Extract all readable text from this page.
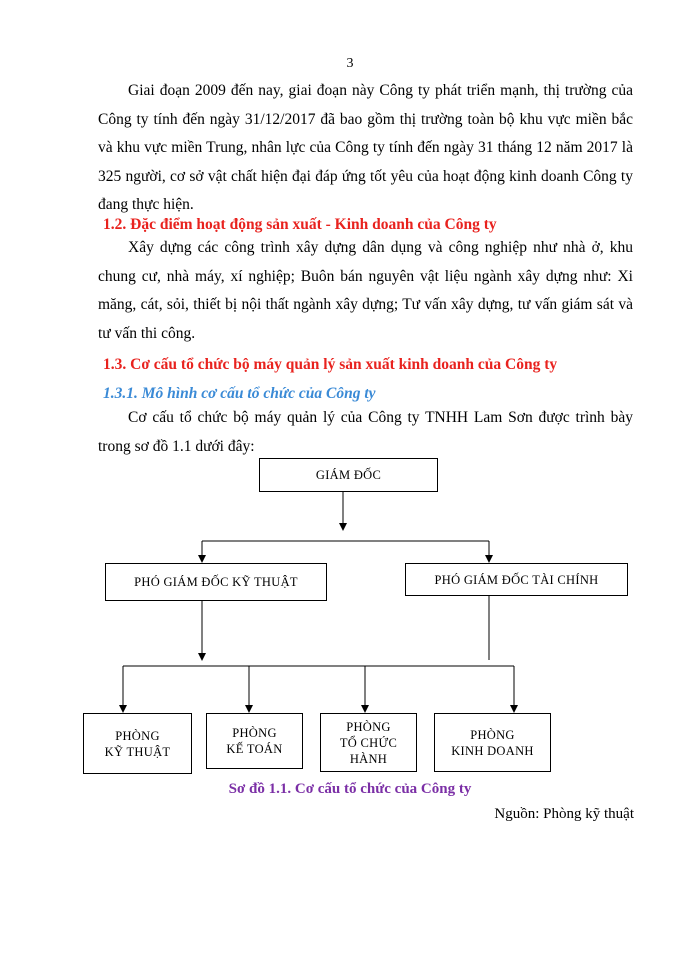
3

Giai đoạn 2009 đến nay, giai đoạn này Công ty phát triển mạnh, thị trường của Công ty tính đến ngày 31/12/2017 đã bao gồm thị trường toàn bộ khu vực miền bắc và khu vực miền Trung, nhân lực của Công ty tính đến ngày 31 tháng 12 năm 2017 là 325 người, cơ sở vật chất hiện đại đáp ứng tốt yêu của hoạt động kinh doanh Công ty đang thực hiện.

1.2. Đặc điểm hoạt động sản xuất - Kinh doanh của Công ty

Xây dựng các công trình xây dựng dân dụng và công nghiệp như nhà ở, khu chung cư, nhà máy, xí nghiệp; Buôn bán nguyên vật liệu ngành xây dựng như: Xi măng, cát, sỏi, thiết bị nội thất ngành xây dựng; Tư vấn xây dựng, tư vấn giám sát và tư vấn thi công.

1.3. Cơ cấu tổ chức bộ máy quản lý sản xuất kinh doanh của Công ty

1.3.1. Mô hình cơ cấu tổ chức của Công ty

Cơ cấu tổ chức bộ máy quản lý của Công ty TNHH Lam Sơn được trình bày trong sơ đồ 1.1 dưới đây:

GIÁM ĐỐC
PHÓ GIÁM ĐỐC KỸ THUẬT	PHÓ GIÁM ĐỐC TÀI CHÍNH
PHÒNG
KỸ THUẬT
PHÒNG
KẾ TOÁN
PHÒNG
TỔ CHỨC
HÀNH
PHÒNG
KINH DOANH

Sơ đồ 1.1. Cơ cấu tổ chức của Công ty

Nguồn: Phòng kỹ thuật
